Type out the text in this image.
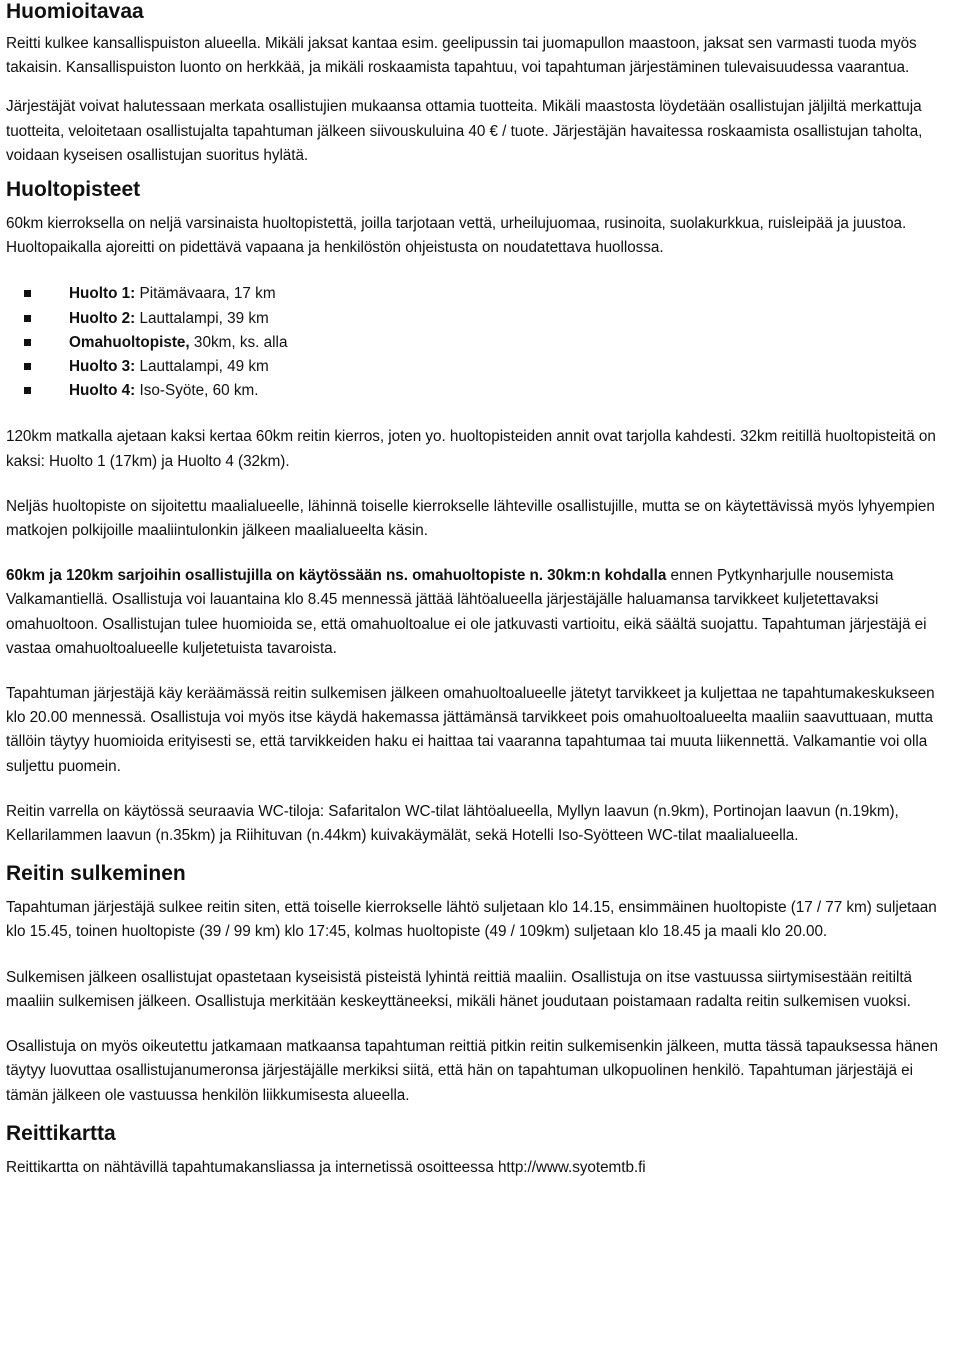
Huomioitavaa

Reitti kulkee kansallispuiston alueella. Mikäli jaksat kantaa esim. geelipussin tai juomapullon maastoon, jaksat sen varmasti tuoda myös takaisin. Kansallispuiston luonto on herkkää, ja mikäli roskaamista tapahtuu, voi tapahtuman järjestäminen tulevaisuudessa vaarantua.

Järjestäjät voivat halutessaan merkata osallistujien mukaansa ottamia tuotteita. Mikäli maastosta löydetään osallistujan jäljiltä merkattuja tuotteita, veloitetaan osallistujalta tapahtuman jälkeen siivouskuluina 40 € / tuote. Järjestäjän havaitessa roskaamista osallistujan taholta, voidaan kyseisen osallistujan suoritus hylätä.

Huoltopisteet

60km kierroksella on neljä varsinaista huoltopistettä, joilla tarjotaan vettä, urheilujuomaa, rusinoita, suolakurkkua, ruisleipää ja juustoa. Huoltopaikalla ajoreitti on pidettävä vapaana ja henkilöstön ohjeistusta on noudatettava huollossa.

Huolto 1: Pitämävaara, 17 km
Huolto 2: Lauttalampi, 39 km
Omahuoltopiste, 30km, ks. alla
Huolto 3: Lauttalampi, 49 km
Huolto 4: Iso-Syöte, 60 km.

120km matkalla ajetaan kaksi kertaa 60km reitin kierros, joten yo. huoltopisteiden annit ovat tarjolla kahdesti. 32km reitillä huoltopisteitä on kaksi: Huolto 1 (17km) ja Huolto 4 (32km).

Neljäs huoltopiste on sijoitettu maalialueelle, lähinnä toiselle kierrokselle lähteville osallistujille, mutta se on käytettävissä myös lyhyempien matkojen polkijoille maaliintulonkin jälkeen maalialueelta käsin.

60km ja 120km sarjoihin osallistujilla on käytössään ns. omahuoltopiste n. 30km:n kohdalla ennen Pytkynharjulle nousemista Valkamantiellä. Osallistuja voi lauantaina klo 8.45 mennessä jättää lähtöalueella järjestäjälle haluamansa tarvikkeet kuljetettavaksi omahuoltoon. Osallistujan tulee huomioida se, että omahuoltoalue ei ole jatkuvasti vartioitu, eikä säältä suojattu. Tapahtuman järjestäjä ei vastaa omahuoltoalueelle kuljetetuista tavaroista.

Tapahtuman järjestäjä käy keräämässä reitin sulkemisen jälkeen omahuoltoalueelle jätetyt tarvikkeet ja kuljettaa ne tapahtumakeskukseen klo 20.00 mennessä. Osallistuja voi myös itse käydä hakemassa jättämänsä tarvikkeet pois omahuoltoalueelta maaliin saavuttuaan, mutta tällöin täytyy huomioida erityisesti se, että tarvikkeiden haku ei haittaa tai vaaranna tapahtumaa tai muuta liikennettä. Valkamantie voi olla suljettu puomein.

Reitin varrella on käytössä seuraavia WC-tiloja: Safaritalon WC-tilat lähtöalueella, Myllyn laavun (n.9km), Portinojan laavun (n.19km), Kellarilammen laavun (n.35km) ja Riihituvan (n.44km) kuivakäymälät, sekä Hotelli Iso-Syötteen WC-tilat maalialueella.

Reitin sulkeminen

Tapahtuman järjestäjä sulkee reitin siten, että toiselle kierrokselle lähtö suljetaan klo 14.15, ensimmäinen huoltopiste (17 / 77 km) suljetaan klo 15.45, toinen huoltopiste (39 / 99 km) klo 17:45, kolmas huoltopiste (49 / 109km) suljetaan klo 18.45 ja maali klo 20.00.

Sulkemisen jälkeen osallistujat opastetaan kyseisistä pisteistä lyhintä reittiä maaliin. Osallistuja on itse vastuussa siirtymisestään reitiltä maaliin sulkemisen jälkeen. Osallistuja merkitään keskeyttäneeksi, mikäli hänet joudutaan poistamaan radalta reitin sulkemisen vuoksi.

Osallistuja on myös oikeutettu jatkamaan matkaansa tapahtuman reittiä pitkin reitin sulkemisenkin jälkeen, mutta tässä tapauksessa hänen täytyy luovuttaa osallistujanumeronsa järjestäjälle merkiksi siitä, että hän on tapahtuman ulkopuolinen henkilö. Tapahtuman järjestäjä ei tämän jälkeen ole vastuussa henkilön liikkumisesta alueella.

Reittikartta

Reittikartta on nähtävillä tapahtumakansliassa ja internetissä osoitteessa http://www.syotemtb.fi
